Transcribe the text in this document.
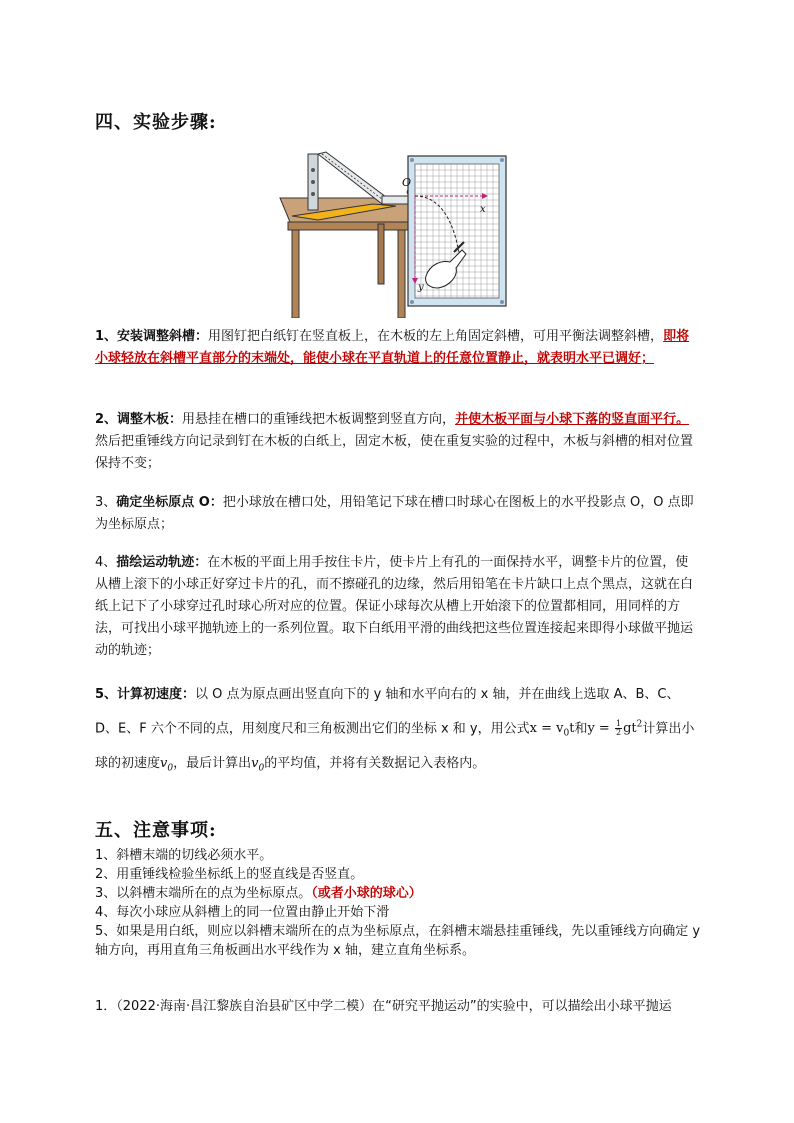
四、实验步骤:
O
x
y
1、安装调整斜槽：用图钉把白纸钉在竖直板上，在木板的左上角固定斜槽，可用平衡法调整斜槽，即将小球轻放在斜槽平直部分的末端处，能使小球在平直轨道上的任意位置静止，就表明水平已调好；
2、调整木板：用悬挂在槽口的重锤线把木板调整到竖直方向，并使木板平面与小球下落的竖直面平行。然后把重锤线方向记录到钉在木板的白纸上，固定木板，使在重复实验的过程中，木板与斜槽的相对位置保持不变；
3、确定坐标原点 O：把小球放在槽口处，用铅笔记下球在槽口时球心在图板上的水平投影点 O，O 点即为坐标原点；
4、描绘运动轨迹：在木板的平面上用手按住卡片，使卡片上有孔的一面保持水平，调整卡片的位置，使从槽上滚下的小球正好穿过卡片的孔，而不擦碰孔的边缘，然后用铅笔在卡片缺口上点个黑点，这就在白纸上记下了小球穿过孔时球心所对应的位置。保证小球每次从槽上开始滚下的位置都相同，用同样的方法，可找出小球平抛轨迹上的一系列位置。取下白纸用平滑的曲线把这些位置连接起来即得小球做平抛运动的轨迹；
5、计算初速度：以 O 点为原点画出竖直向下的 y 轴和水平向右的 x 轴，并在曲线上选取 A、B、C、D、E、F 六个不同的点，用刻度尺和三角板测出它们的坐标 x 和 y，用公式$x = v_0t$和$y = \frac{1}{2} gt^2$计算出小球的初速度$v_0$，最后计算出$v_0$的平均值，并将有关数据记入表格内。
五、注意事项:
1、斜槽末端的切线必须水平。
2、用重锤线检验坐标纸上的竖直线是否竖直。
3、以斜槽末端所在的点为坐标原点。（或者小球的球心）
4、每次小球应从斜槽上的同一位置由静止开始下滑
5、如果是用白纸，则应以斜槽末端所在的点为坐标原点，在斜槽末端悬挂重锤线，先以重锤线方向确定 y 轴方向，再用直角三角板画出水平线作为 x 轴，建立直角坐标系。
1．（2022·海南·昌江黎族自治县矿区中学二模）在“研究平抛运动”的实验中，可以描绘出小球平抛运
